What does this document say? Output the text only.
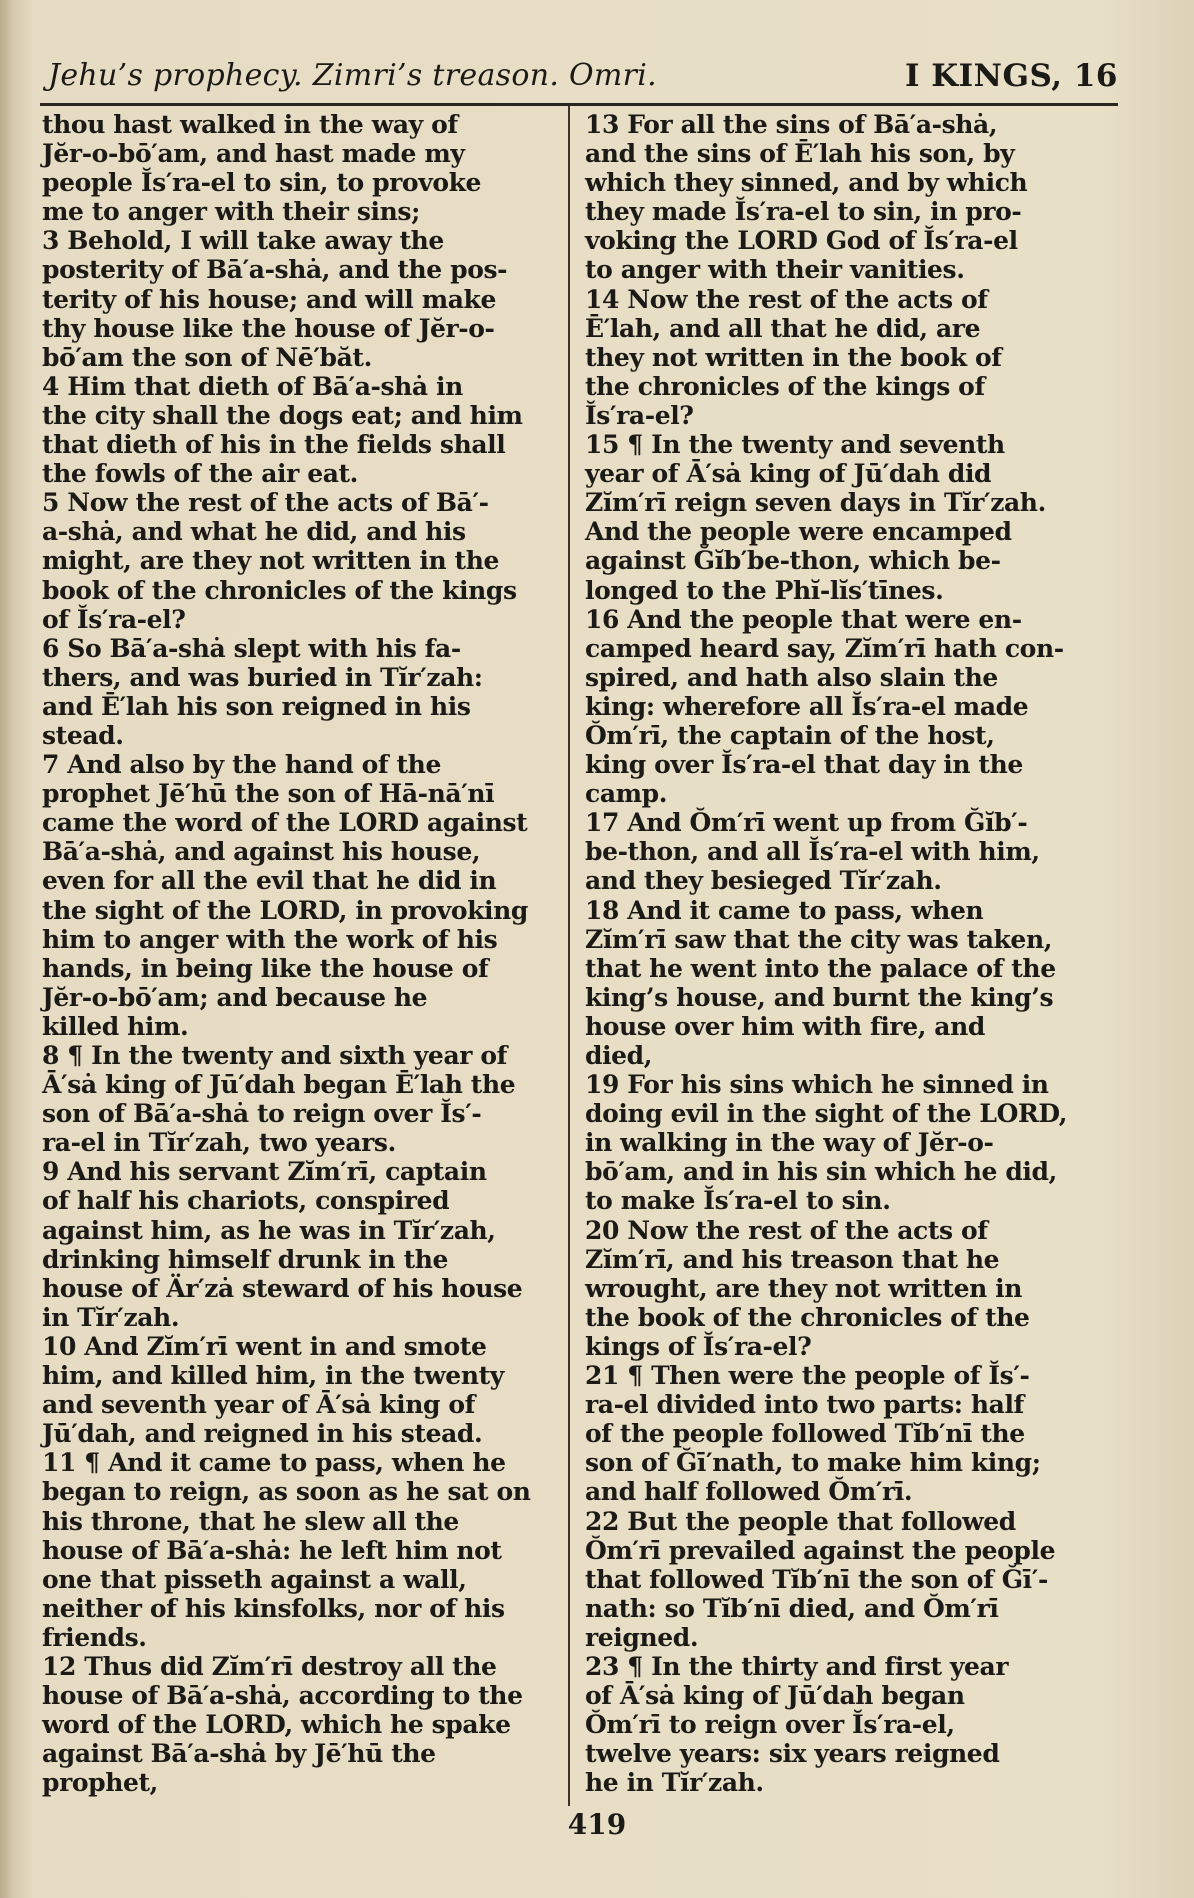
Jehu’s prophecy. Zimri’s treason. Omri.	I KINGS, 16
thou hast walked in the way of
Jĕr-o-bō′am, and hast made my
people Ĭs′ra-el to sin, to provoke
me to anger with their sins;
3 Behold, I will take away the
posterity of Bā′a-shȧ, and the pos-
terity of his house; and will make
thy house like the house of Jĕr-o-
bō′am the son of Nē′băt.
4 Him that dieth of Bā′a-shȧ in
the city shall the dogs eat; and him
that dieth of his in the fields shall
the fowls of the air eat.
5 Now the rest of the acts of Bā′-
a-shȧ, and what he did, and his
might, are they not written in the
book of the chronicles of the kings
of Ĭs′ra-el?
6 So Bā′a-shȧ slept with his fa-
thers, and was buried in Tĭr′zah:
and Ē′lah his son reigned in his
stead.
7 And also by the hand of the
prophet Jē′hū the son of Hā-nā′nī
came the word of the LORD against
Bā′a-shȧ, and against his house,
even for all the evil that he did in
the sight of the LORD, in provoking
him to anger with the work of his
hands, in being like the house of
Jĕr-o-bō′am; and because he
killed him.
8 ¶ In the twenty and sixth year of
Ā′sȧ king of Jū′dah began Ē′lah the
son of Bā′a-shȧ to reign over Ĭs′-
ra-el in Tĭr′zah, two years.
9 And his servant Zĭm′rī, captain
of half his chariots, conspired
against him, as he was in Tĭr′zah,
drinking himself drunk in the
house of Är′zȧ steward of his house
in Tĭr′zah.
10 And Zĭm′rī went in and smote
him, and killed him, in the twenty
and seventh year of Ā′sȧ king of
Jū′dah, and reigned in his stead.
11 ¶ And it came to pass, when he
began to reign, as soon as he sat on
his throne, that he slew all the
house of Bā′a-shȧ: he left him not
one that pisseth against a wall,
neither of his kinsfolks, nor of his
friends.
12 Thus did Zĭm′rī destroy all the
house of Bā′a-shȧ, according to the
word of the LORD, which he spake
against Bā′a-shȧ by Jē′hū the
prophet,
13 For all the sins of Bā′a-shȧ,
and the sins of Ē′lah his son, by
which they sinned, and by which
they made Ĭs′ra-el to sin, in pro-
voking the LORD God of Ĭs′ra-el
to anger with their vanities.
14 Now the rest of the acts of
Ē′lah, and all that he did, are
they not written in the book of
the chronicles of the kings of
Ĭs′ra-el?
15 ¶ In the twenty and seventh
year of Ā′sȧ king of Jū′dah did
Zĭm′rī reign seven days in Tĭr′zah.
And the people were encamped
against Ğĭb′be-thon, which be-
longed to the Phĭ-lĭs′tīnes.
16 And the people that were en-
camped heard say, Zĭm′rī hath con-
spired, and hath also slain the
king: wherefore all Ĭs′ra-el made
Ŏm′rī, the captain of the host,
king over Ĭs′ra-el that day in the
camp.
17 And Ŏm′rī went up from Ğĭb′-
be-thon, and all Ĭs′ra-el with him,
and they besieged Tĭr′zah.
18 And it came to pass, when
Zĭm′rī saw that the city was taken,
that he went into the palace of the
king’s house, and burnt the king’s
house over him with fire, and
died,
19 For his sins which he sinned in
doing evil in the sight of the LORD,
in walking in the way of Jĕr-o-
bō′am, and in his sin which he did,
to make Ĭs′ra-el to sin.
20 Now the rest of the acts of
Zĭm′rī, and his treason that he
wrought, are they not written in
the book of the chronicles of the
kings of Ĭs′ra-el?
21 ¶ Then were the people of Ĭs′-
ra-el divided into two parts: half
of the people followed Tĭb′nī the
son of Ğī′nath, to make him king;
and half followed Ŏm′rī.
22 But the people that followed
Ŏm′rī prevailed against the people
that followed Tĭb′nī the son of Ğī′-
nath: so Tĭb′nī died, and Ŏm′rī
reigned.
23 ¶ In the thirty and first year
of Ā′sȧ king of Jū′dah began
Ŏm′rī to reign over Ĭs′ra-el,
twelve years: six years reigned
he in Tĭr′zah.
419
